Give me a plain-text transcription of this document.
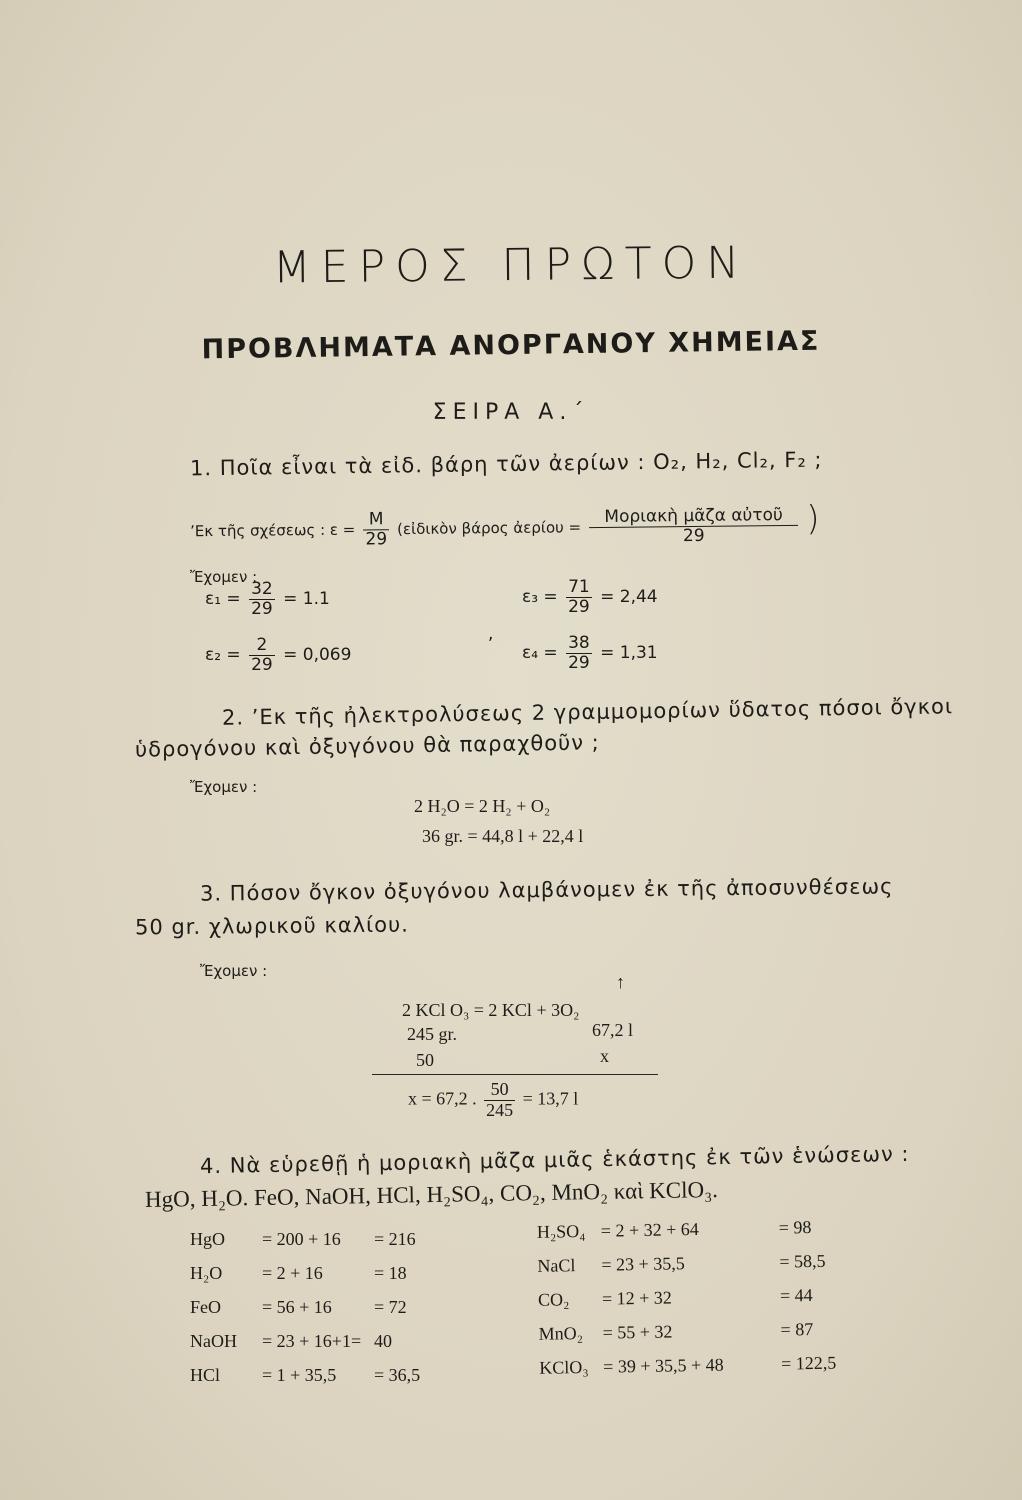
ΜΕΡΟΣ ΠΡΩΤΟΝ
ΠΡΟΒΛΗΜΑΤΑ ΑΝΟΡΓΑΝΟΥ ΧΗΜΕΙΑΣ
ΣΕΙΡΑ Α.΄
1. Ποῖα εἶναι τὰ εἰδ. βάρη τῶν ἀερίων : O₂, H₂, Cl₂, F₂ ;
’Εκ τῆς σχέσεως : $\varepsilon = \frac{M}{29}$ (εἰδικὸν βάρος ἀερίου = $\frac{\text{Μοριακὴ μᾶζα αὐτοῦ}}{29}$ )
Ἔχομεν :
$\varepsilon_1 = \frac{32}{29} = 1.1$	$\varepsilon_3 = \frac{71}{29} = 2,44$
,
$\varepsilon_2 = \frac{2}{29} = 0,069$	$\varepsilon_4 = \frac{38}{29} = 1,31$
2. ’Εκ τῆς ἠλεκτρολύσεως 2 γραμμομορίων ὕδατος πόσοι ὄγκοι
ὑδρογόνου καὶ ὀξυγόνου θὰ παραχθοῦν ;
Ἔχομεν :
2 H₂O = 2 H₂ + O₂
36 gr. = 44,8 l + 22,4 l
3. Πόσον ὄγκον ὀξυγόνου λαμβάνομεν ἐκ τῆς ἀποσυνθέσεως
50 gr. χλωρικοῦ καλίου.
Ἔχομεν :
↑
2 KCl O₃ = 2 KCl + 3O₂
245 gr.	67,2 l
50	x
x = 67,2 . $\frac{50}{245} = 13,7$ l
4. Νὰ εὑρεθῇ ἡ μοριακὴ μᾶζα μιᾶς ἑκάστης ἐκ τῶν ἑνώσεων :
HgO, H₂O. FeO, NaOH, HCl, H₂SO₄, CO₂, MnO₂ καὶ KClO₃.
HgO	= 200 + 16	= 216
H₂O	= 2 + 16	= 18
FeO	= 56 + 16	= 72
NaOH	= 23 + 16+1=	40
HCl	= 1 + 35,5	= 36,5
H₂SO₄	= 2 + 32 + 64	= 98
NaCl	= 23 + 35,5	= 58,5
CO₂	= 12 + 32	= 44
MnO₂	= 55 + 32	= 87
KClO₃	= 39 + 35,5 + 48	= 122,5
